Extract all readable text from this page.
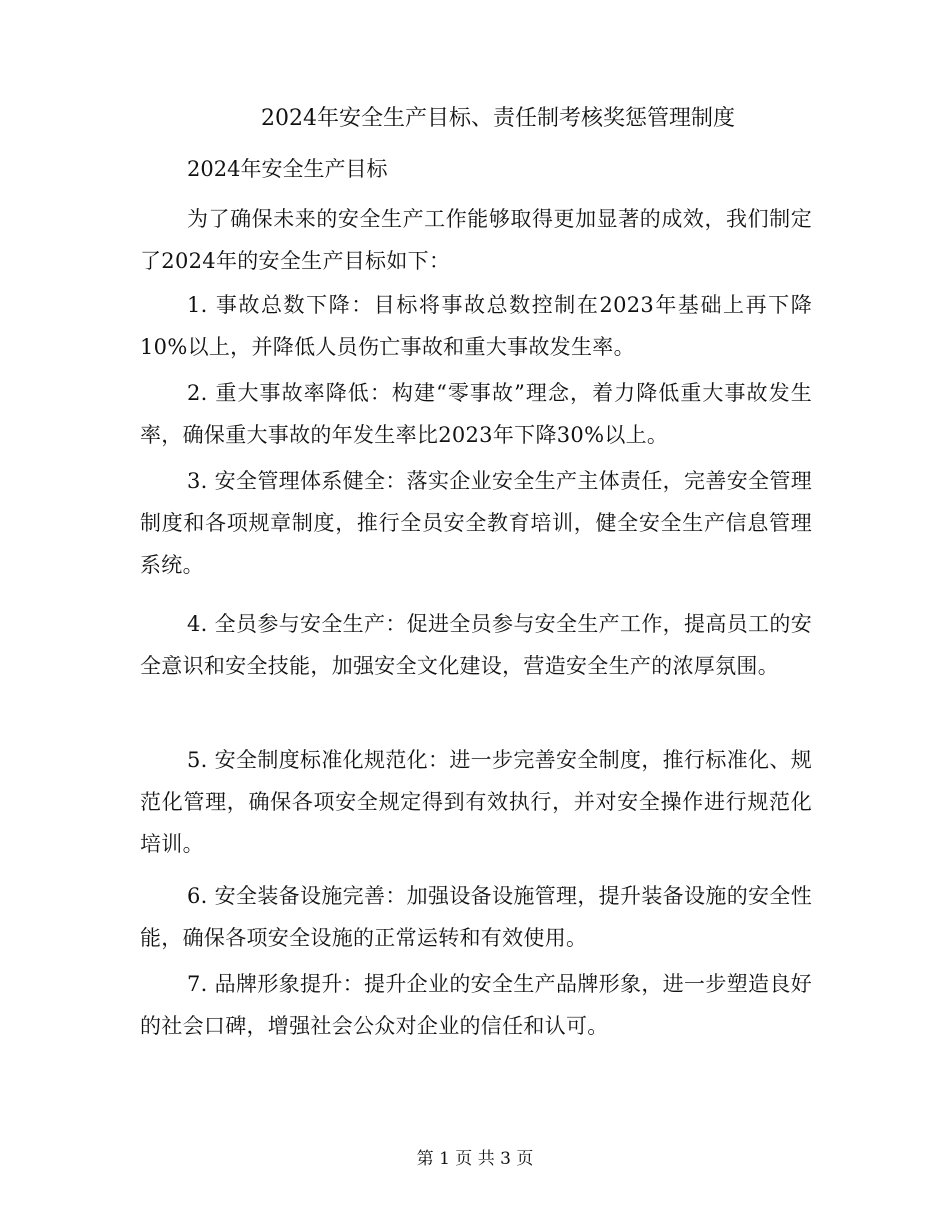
2024年安全生产目标、责任制考核奖惩管理制度
2024年安全生产目标
为了确保未来的安全生产工作能够取得更加显著的成效，我们制定了2024年的安全生产目标如下：
1. 事故总数下降：目标将事故总数控制在2023年基础上再下降10%以上，并降低人员伤亡事故和重大事故发生率。
2. 重大事故率降低：构建“零事故”理念，着力降低重大事故发生率，确保重大事故的年发生率比2023年下降30%以上。
3. 安全管理体系健全：落实企业安全生产主体责任，完善安全管理制度和各项规章制度，推行全员安全教育培训，健全安全生产信息管理系统。
4. 全员参与安全生产：促进全员参与安全生产工作，提高员工的安全意识和安全技能，加强安全文化建设，营造安全生产的浓厚氛围。
5. 安全制度标准化规范化：进一步完善安全制度，推行标准化、规范化管理，确保各项安全规定得到有效执行，并对安全操作进行规范化培训。
6. 安全装备设施完善：加强设备设施管理，提升装备设施的安全性能，确保各项安全设施的正常运转和有效使用。
7. 品牌形象提升：提升企业的安全生产品牌形象，进一步塑造良好的社会口碑，增强社会公众对企业的信任和认可。
第 1 页 共 3 页
